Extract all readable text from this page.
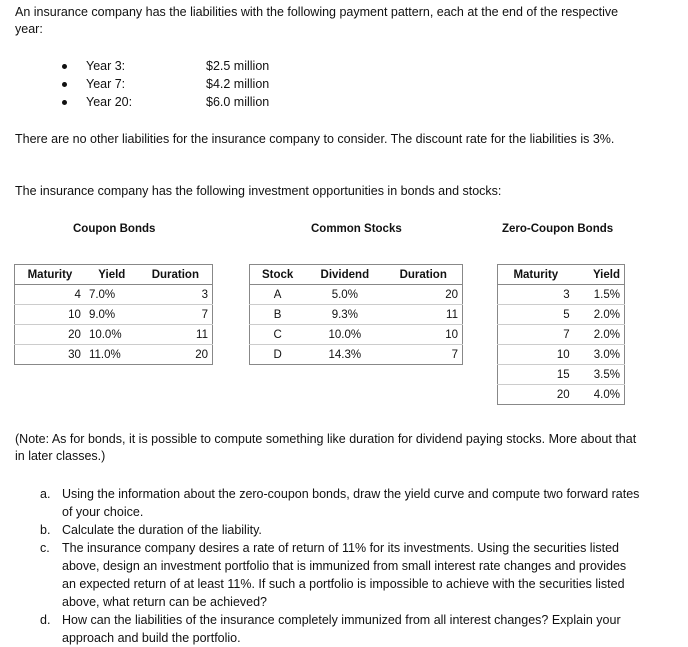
An insurance company has the liabilities with the following payment pattern, each at the end of the respective year:
Year 3:	$2.5 million
Year 7:	$4.2 million
Year 20:	$6.0 million
There are no other liabilities for the insurance company to consider. The discount rate for the liabilities is 3%.
The insurance company has the following investment opportunities in bonds and stocks:
Coupon Bonds	Common Stocks	Zero-Coupon Bonds
Maturity	Yield	Duration
4	7.0%	3
10	9.0%	7
20	10.0%	11
30	11.0%	20
Stock	Dividend	Duration
A	5.0%	20
B	9.3%	11
C	10.0%	10
D	14.3%	7
Maturity	Yield
3	1.5%
5	2.0%
7	2.0%
10	3.0%
15	3.5%
20	4.0%
(Note: As for bonds, it is possible to compute something like duration for dividend paying stocks. More about that in later classes.)
a. Using the information about the zero-coupon bonds, draw the yield curve and compute two forward rates of your choice.
b. Calculate the duration of the liability.
c. The insurance company desires a rate of return of 11% for its investments. Using the securities listed above, design an investment portfolio that is immunized from small interest rate changes and provides an expected return of at least 11%. If such a portfolio is impossible to achieve with the securities listed above, what return can be achieved?
d. How can the liabilities of the insurance completely immunized from all interest changes? Explain your approach and build the portfolio.
